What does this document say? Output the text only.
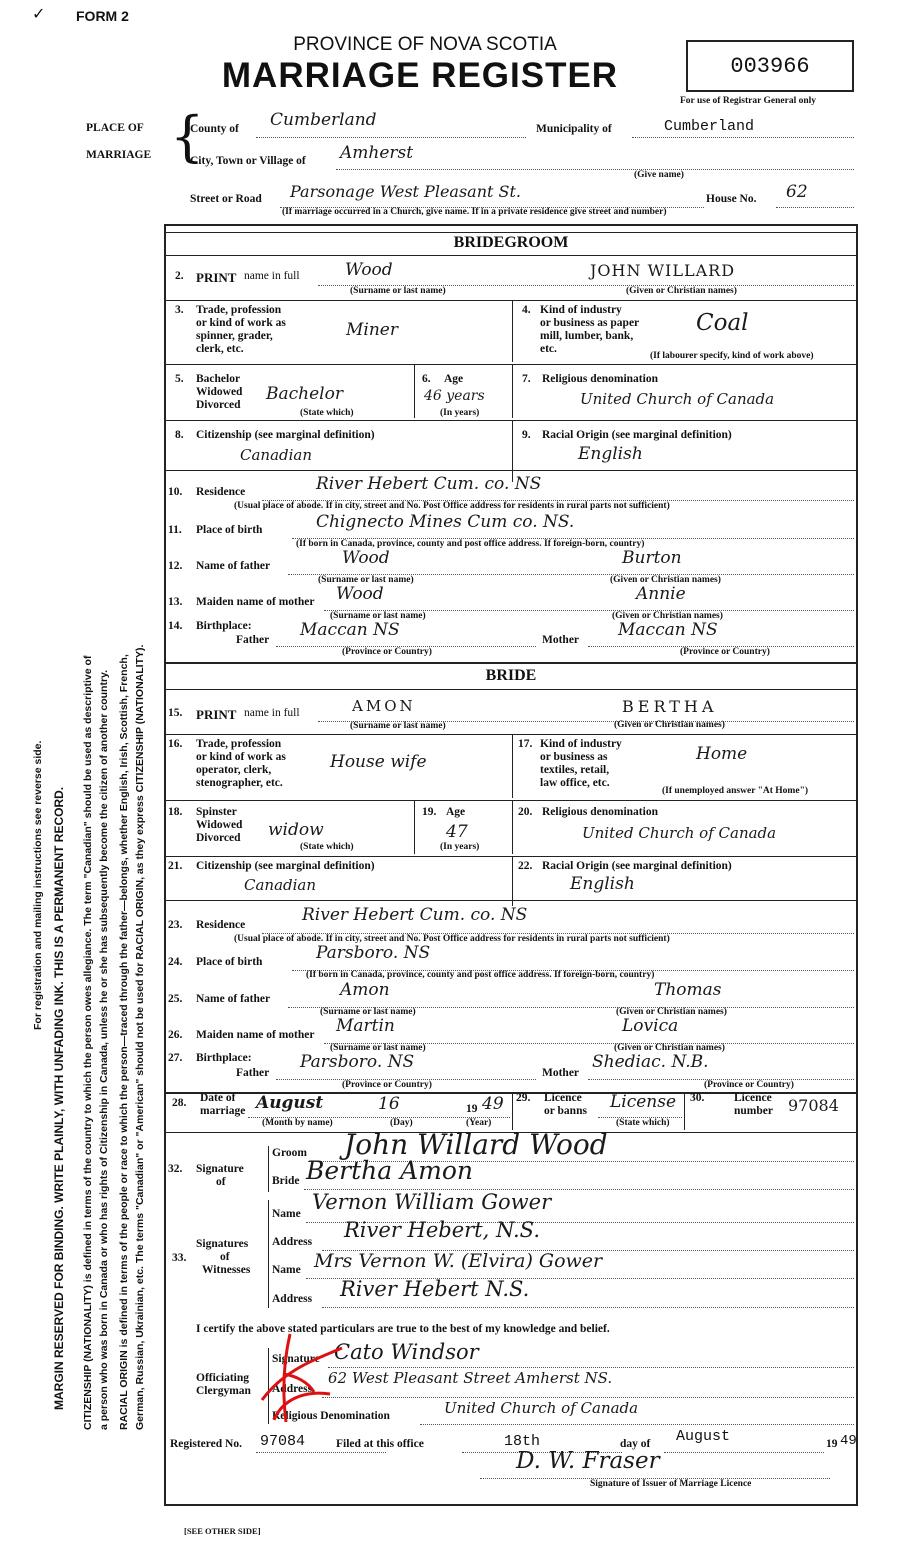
For registration and mailing instructions see reverse side. MARGIN RESERVED FOR BINDING. WRITE PLAINLY, WITH UNFADING INK. THIS IS A PERMANENT RECORD. CITIZENSHIP (NATIONALITY) is defined in terms of the country to which the person owes allegiance. The term "Canadian" should be used as descriptive of a person who was born in Canada or who has rights of Citizenship in Canada, unless he or she has subsequently become the citizen of another country. RACIAL ORIGIN is defined in terms of the people or race to which the person—traced through the father—belongs, whether English, Irish, Scottish, French, German, Russian, Ukrainian, etc. The terms "Canadian" or "American" should not be used for RACIAL ORIGIN, as they express CITIZENSHIP (NATIONALITY).
✓ FORM 2
PROVINCE OF NOVA SCOTIA
MARRIAGE REGISTER	003966
For use of Registrar General only
PLACE OF
MARRIAGE {
County of Cumberland	Municipality of	Cumberland
City, Town or Village of Amherst
(Give name)
Street or Road Parsonage West Pleasant St.	House No. 62
(If marriage occurred in a Church, give name. If in a private residence give street and number)
BRIDEGROOM
2. PRINT name in full	Wood	JOHN WILLARD
(Surname or last name)	(Given or Christian names)
3. Trade, profession
or kind of work as
spinner, grader,
clerk, etc.
Miner
4. Kind of industry
or business as paper
mill, lumber, bank,
etc.
Coal
(If labourer specify, kind of work above)
5. Bachelor
Widowed
Divorced
Bachelor
(State which)
6. Age
46 years
(In years)
7. Religious denomination
United Church of Canada
8. Citizenship (see marginal definition)
Canadian
9. Racial Origin (see marginal definition)
English
10. Residence	River Hebert Cum. co. NS
(Usual place of abode. If in city, street and No. Post Office address for residents in rural parts not sufficient)
11. Place of birth	Chignecto Mines Cum co. NS.
(If born in Canada, province, county and post office address. If foreign-born, country)
12. Name of father	Wood	Burton
(Surname or last name)	(Given or Christian names)
13. Maiden name of mother Wood	Annie
(Surname or last name)	(Given or Christian names)
14. Birthplace:
Father Maccan NS	Mother Maccan NS
(Province or Country)	(Province or Country)
BRIDE
15. PRINT name in full	AMON	BERTHA
(Surname or last name)	(Given or Christian names)
16. Trade, profession
or kind of work as
operator, clerk,
stenographer, etc.
House wife
17. Kind of industry
or business as
textiles, retail,
law office, etc.
Home
(If unemployed answer "At Home")
18. Spinster
Widowed
Divorced widow
(State which)
19. Age
47
(In years)
20. Religious denomination
United Church of Canada
21. Citizenship (see marginal definition)
Canadian
22. Racial Origin (see marginal definition)
English
23. Residence	River Hebert Cum. co. NS
(Usual place of abode. If in city, street and No. Post Office address for residents in rural parts not sufficient)
24. Place of birth	Parsboro. NS
(If born in Canada, province, county and post office address. If foreign-born, country)
25. Name of father	Amon	Thomas
(Surname or last name)	(Given or Christian names)
26. Maiden name of mother Martin	Lovica
(Surname or last name)	(Given or Christian names)
27. Birthplace:
Father
Parsboro. NS
Mother
Shediac. N.B.
(Province or Country)	(Province or Country)
28. Date of
marriage August	16	19 49
(Month by name)	(Day)	(Year)
29. Licence
or banns License
(State which)
30.	Licence
number 97084
32. Signature
of
Groom John Willard Wood
Bride Bertha Amon
33.
Signatures
of
Witnesses
Name Vernon William Gower
Address River Hebert, N.S.
Name Mrs Vernon W. (Elvira) Gower
Address River Hebert N.S.
I certify the above stated particulars are true to the best of my knowledge and belief.
Signature Cato Windsor
Officiating
Clergyman Address
62 West Pleasant Street Amherst NS.
Religious Denomination	United Church of Canada
Registered No. 97084	Filed at this office	18th	day of August	19 49
D. W. Fraser
Signature of Issuer of Marriage Licence
[SEE OTHER SIDE]
